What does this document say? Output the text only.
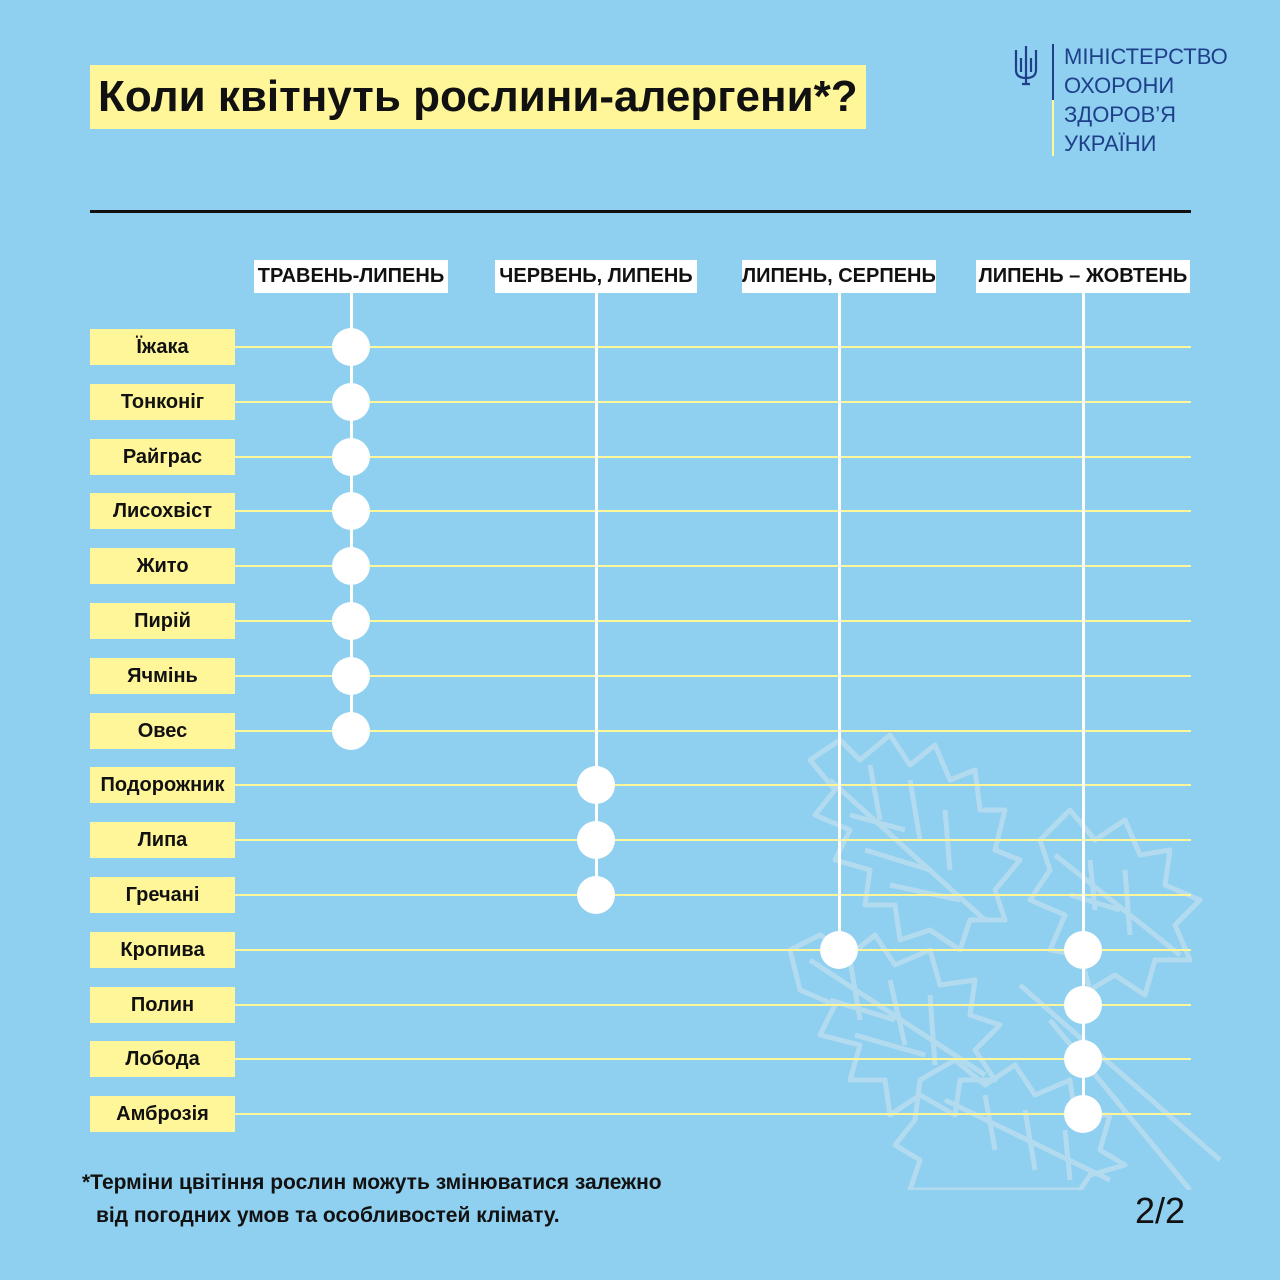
Коли квітнуть рослини-алергени*?
МІНІСТЕРСТВО
ОХОРОНИ
ЗДОРОВ’Я
УКРАЇНИ
Їжака
Тонконіг
Райграс
Лисохвіст
Жито
Пирій
Ячмінь
Овес
Подорожник
Липа
Гречані
Кропива
Полин
Лобода
Амброзія
ТРАВЕНЬ-ЛИПЕНЬ	ЧЕРВЕНЬ, ЛИПЕНЬ ЛИПЕНЬ, СЕРПЕНЬ ЛИПЕНЬ – ЖОВТЕНЬ
*Терміни цвітіння рослин можуть змінюватися залежно
від погодних умов та особливостей клімату.	2/2
